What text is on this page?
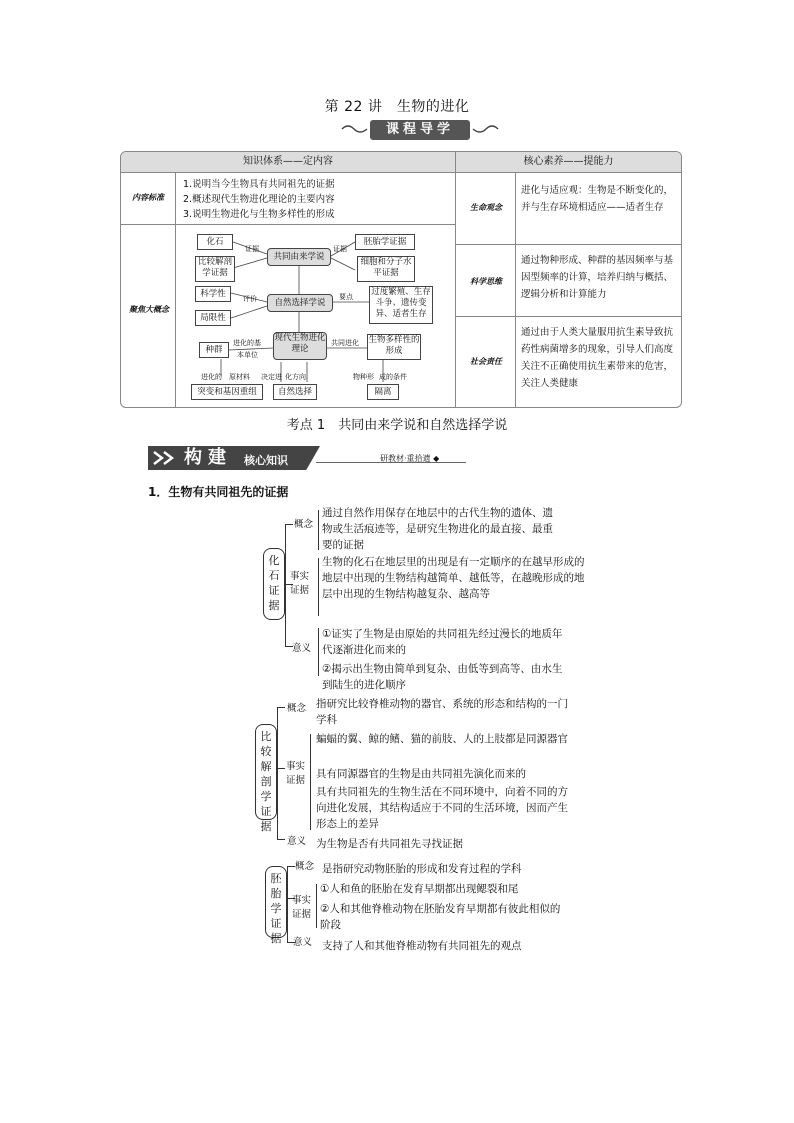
第 22 讲　生物的进化
课程导学
知识体系——定内容	核心素养——提能力
内容标准
1.说明当今生物具有共同祖先的证据
2.概述现代生物进化理论的主要内容
3.说明生物进化与生物多样性的形成
聚焦大概念
化石
比较解剖学证据
共同由来学说
胚胎学证据
细胞和分子水平证据
证据	证据
科学性
局限性
评价	自然选择学说
要点 过度繁殖、生存斗争、遗传变异、适者生存
种群
进化的基
本单位
现代生物进化理论
共同进化 生物多样性的形成
进化的 原材料 决定进 化方向	物种形 成的条件
突变和基因重组	自然选择	隔离
生命观念
进化与适应观：生物是不断变化的，并与生存环境相适应——适者生存
科学思维
通过物种形成、种群的基因频率与基因型频率的计算，培养归纳与概括、逻辑分析和计算能力
社会责任
通过由于人类大量服用抗生素导致抗药性病菌增多的现象，引导人们高度关注不正确使用抗生素带来的危害，关注人类健康
考点 1　共同由来学说和自然选择学说
构建 核心知识	研教材·重拾遗 ◆
1．生物有共同祖先的证据
化石证据
概念
通过自然作用保存在地层中的古代生物的遗体、遗物或生活痕迹等，是研究生物进化的最直接、最重要的证据
事实
证据
生物的化石在地层里的出现是有一定顺序的在越早形成的地层中出现的生物结构越简单、越低等，在越晚形成的地层中出现的生物结构越复杂、越高等
意义
①证实了生物是由原始的共同祖先经过漫长的地质年代逐渐进化而来的
②揭示出生物由简单到复杂、由低等到高等、由水生到陆生的进化顺序
比较解剖学证据
概念 指研究比较脊椎动物的器官、系统的形态和结构的一门学科
事实
证据
蝙蝠的翼、鲸的鳍、猫的前肢、人的上肢都是同源器官
具有同源器官的生物是由共同祖先演化而来的
具有共同祖先的生物生活在不同环境中，向着不同的方向进化发展，其结构适应于不同的生活环境，因而产生形态上的差异
意义 为生物是否有共同祖先寻找证据
胚胎学证据
概念 是指研究动物胚胎的形成和发育过程的学科
事实
证据
①人和鱼的胚胎在发育早期都出现鳃裂和尾
②人和其他脊椎动物在胚胎发育早期都有彼此相似的阶段
意义 支持了人和其他脊椎动物有共同祖先的观点
